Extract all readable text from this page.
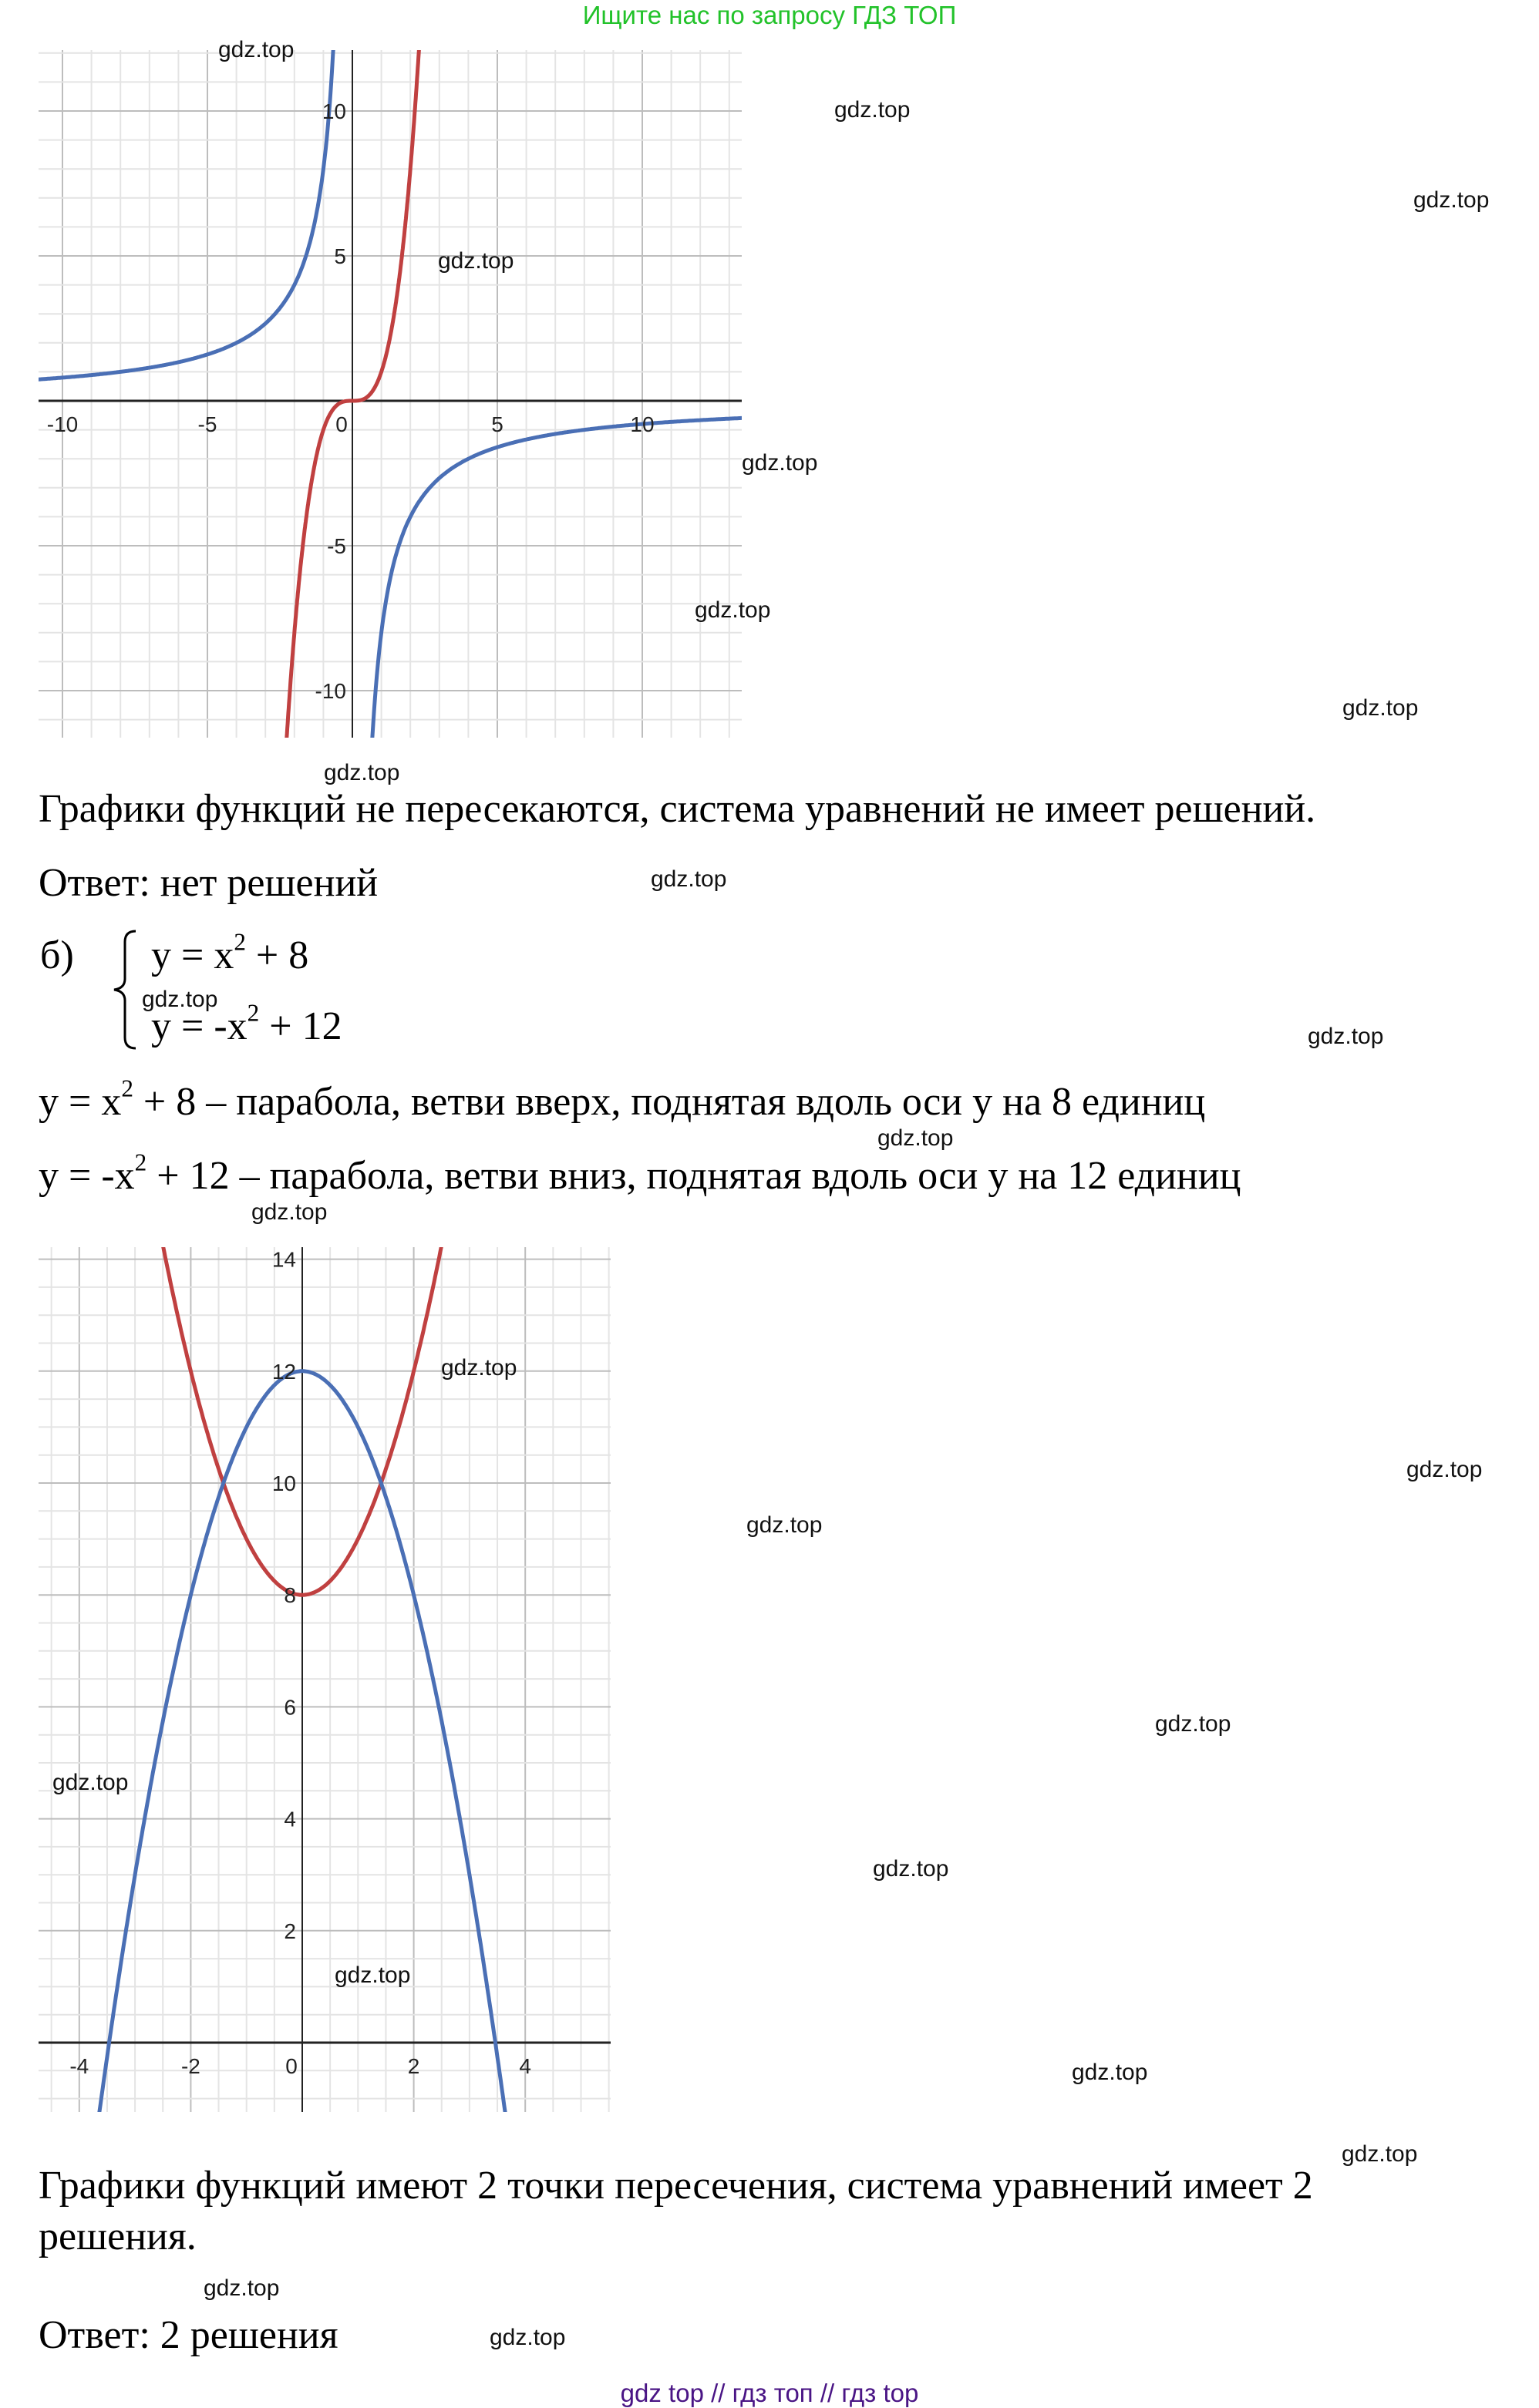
Ищите нас по запросу ГДЗ ТОП
-10	-5	0	5	10
-10
-5
5
10
Графики функций не пересекаются, система уравнений не имеет решений.
Ответ: нет решений
б) $y = x^2 + 8$
$y = -x^2 + 12$
$y = x^2 + 8$ – парабола, ветви вверх, поднятая вдоль оси y на 8 единиц
$y = -x^2 + 12$ – парабола, ветви вниз, поднятая вдоль оси y на 12 единиц
-4	-2	0	2	4
2
4
6
8
10
12
14
Графики функций имеют 2 точки пересечения, система уравнений имеет 2
решения.
Ответ: 2 решения
gdz.top
gdz.top
gdz.top
gdz.top
gdz.top
gdz.top
gdz.top
gdz.top
gdz.top
gdz.top
gdz.top
gdz.top
gdz.top
gdz.top
gdz.top
gdz.top
gdz.top
gdz.top
gdz.top
gdz.top
gdz.top
gdz.top
gdz.top
gdz.top
gdz top // гдз топ // гдз top
